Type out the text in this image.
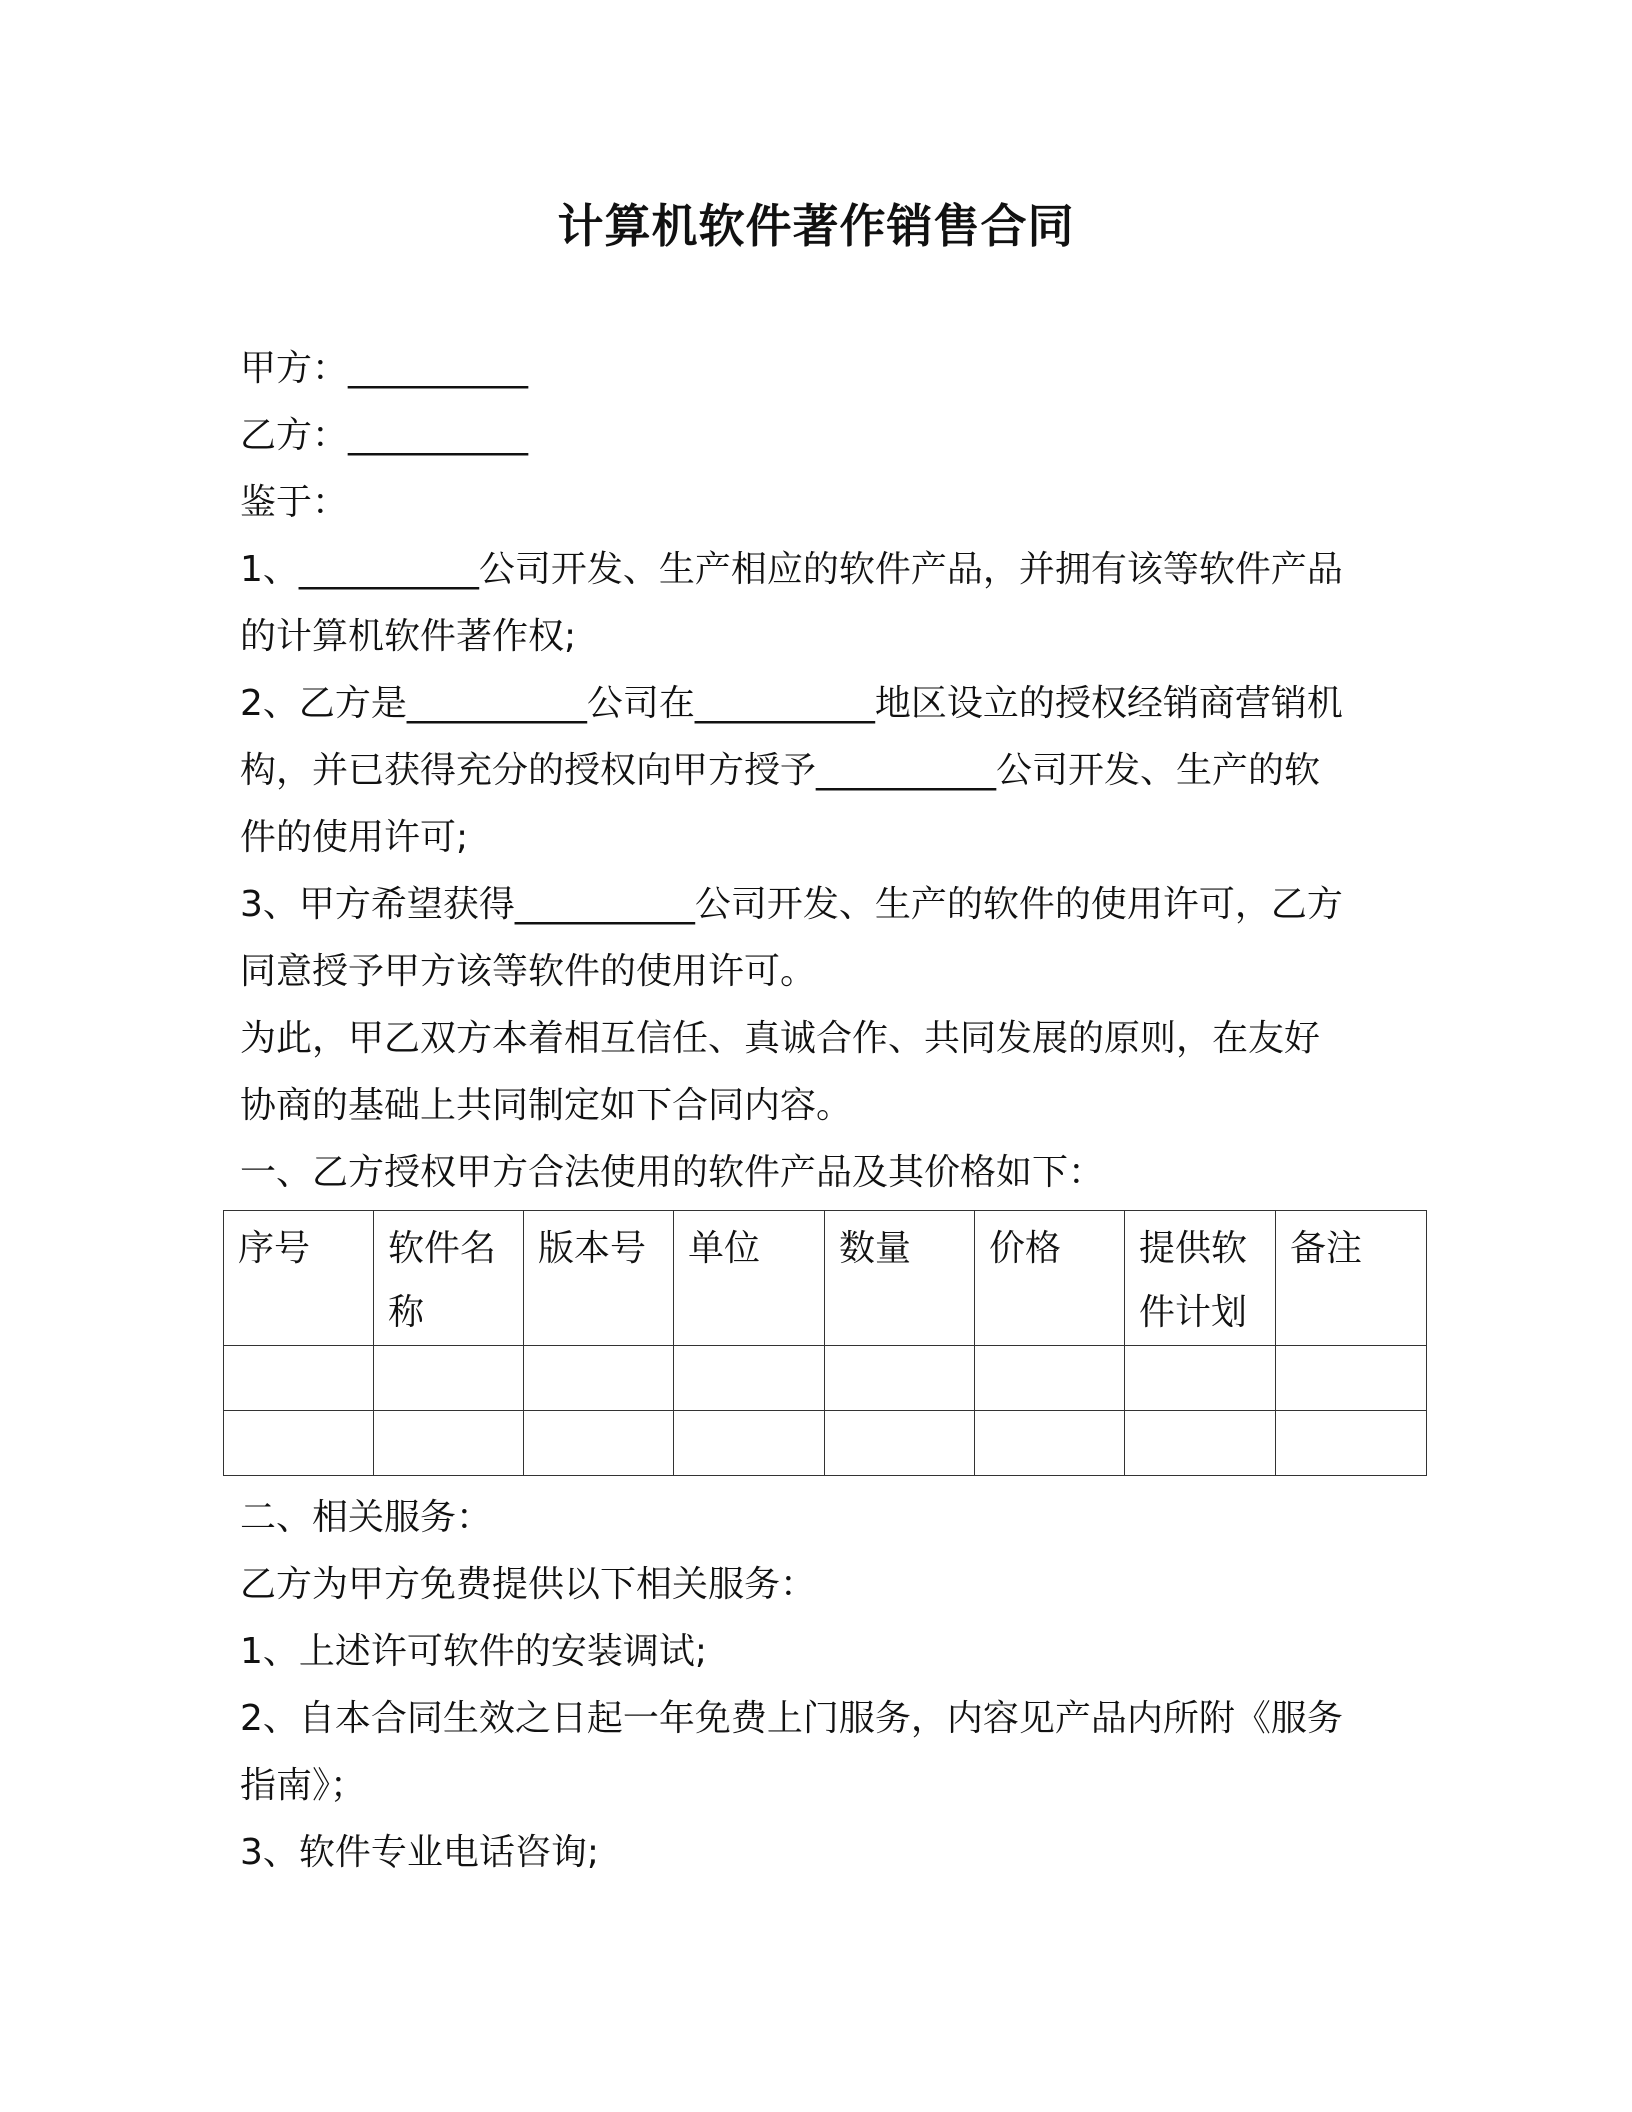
计算机软件著作销售合同
甲方：__________
乙方：__________
鉴于：
1、__________公司开发、生产相应的软件产品，并拥有该等软件产品
的计算机软件著作权;
2、乙方是__________公司在__________地区设立的授权经销商营销机
构，并已获得充分的授权向甲方授予__________公司开发、生产的软
件的使用许可;
3、甲方希望获得__________公司开发、生产的软件的使用许可，乙方
同意授予甲方该等软件的使用许可。
为此，甲乙双方本着相互信任、真诚合作、共同发展的原则，在友好
协商的基础上共同制定如下合同内容。
一、乙方授权甲方合法使用的软件产品及其价格如下：
序号	软件名称	版本号	单位	数量	价格	提供软件计划	备注

二、相关服务：
乙方为甲方免费提供以下相关服务：
1、上述许可软件的安装调试;
2、自本合同生效之日起一年免费上门服务，内容见产品内所附《服务
指南》；
3、软件专业电话咨询;
